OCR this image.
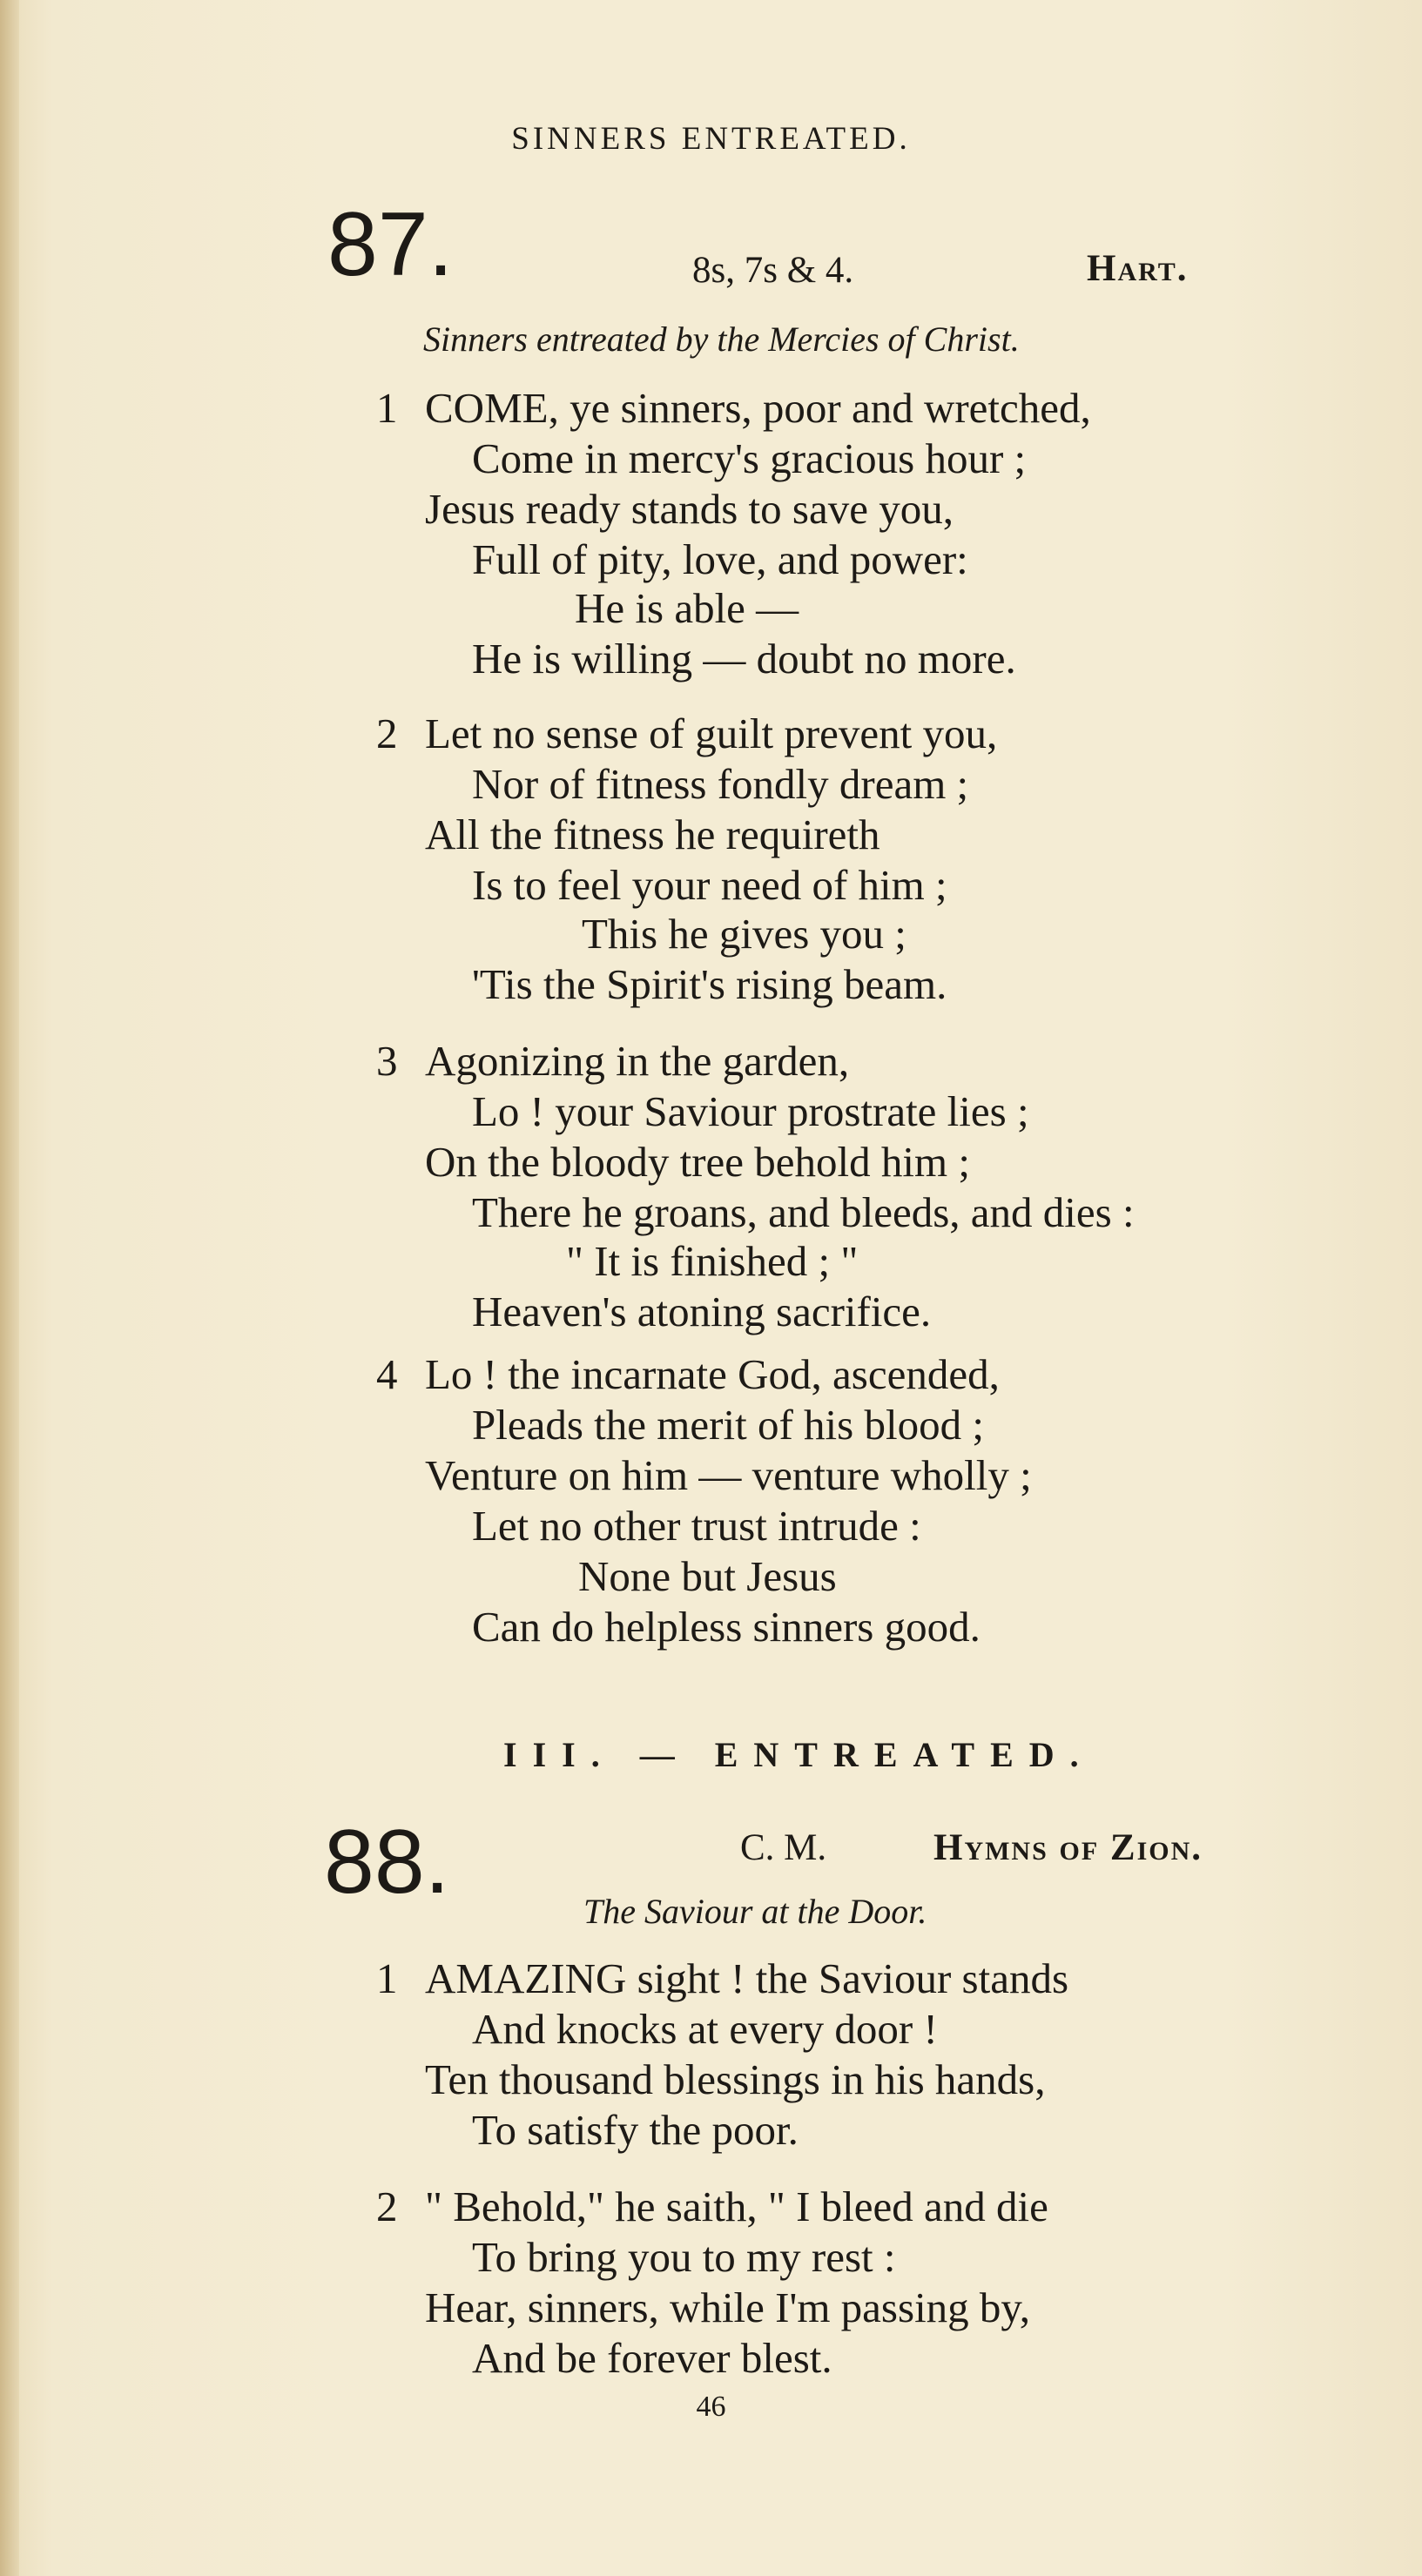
SINNERS ENTREATED.
87.	8s, 7s & 4.	Hart.
Sinners entreated by the Mercies of Christ.
1 COME, ye sinners, poor and wretched,
Come in mercy's gracious hour ;
Jesus ready stands to save you,
Full of pity, love, and power:
He is able —
He is willing — doubt no more.
2 Let no sense of guilt prevent you,
Nor of fitness fondly dream ;
All the fitness he requireth
Is to feel your need of him ;
This he gives you ;
'Tis the Spirit's rising beam.
3 Agonizing in the garden,
Lo ! your Saviour prostrate lies ;
On the bloody tree behold him ;
There he groans, and bleeds, and dies :
" It is finished ; "
Heaven's atoning sacrifice.
4 Lo ! the incarnate God, ascended,
Pleads the merit of his blood ;
Venture on him — venture wholly ;
Let no other trust intrude :
None but Jesus
Can do helpless sinners good.
III. — ENTREATED.
88.	C. M.	Hymns of Zion.
The Saviour at the Door.
1 AMAZING sight ! the Saviour stands
And knocks at every door !
Ten thousand blessings in his hands,
To satisfy the poor.
2 " Behold," he saith, " I bleed and die
To bring you to my rest :
Hear, sinners, while I'm passing by,
And be forever blest.
46
